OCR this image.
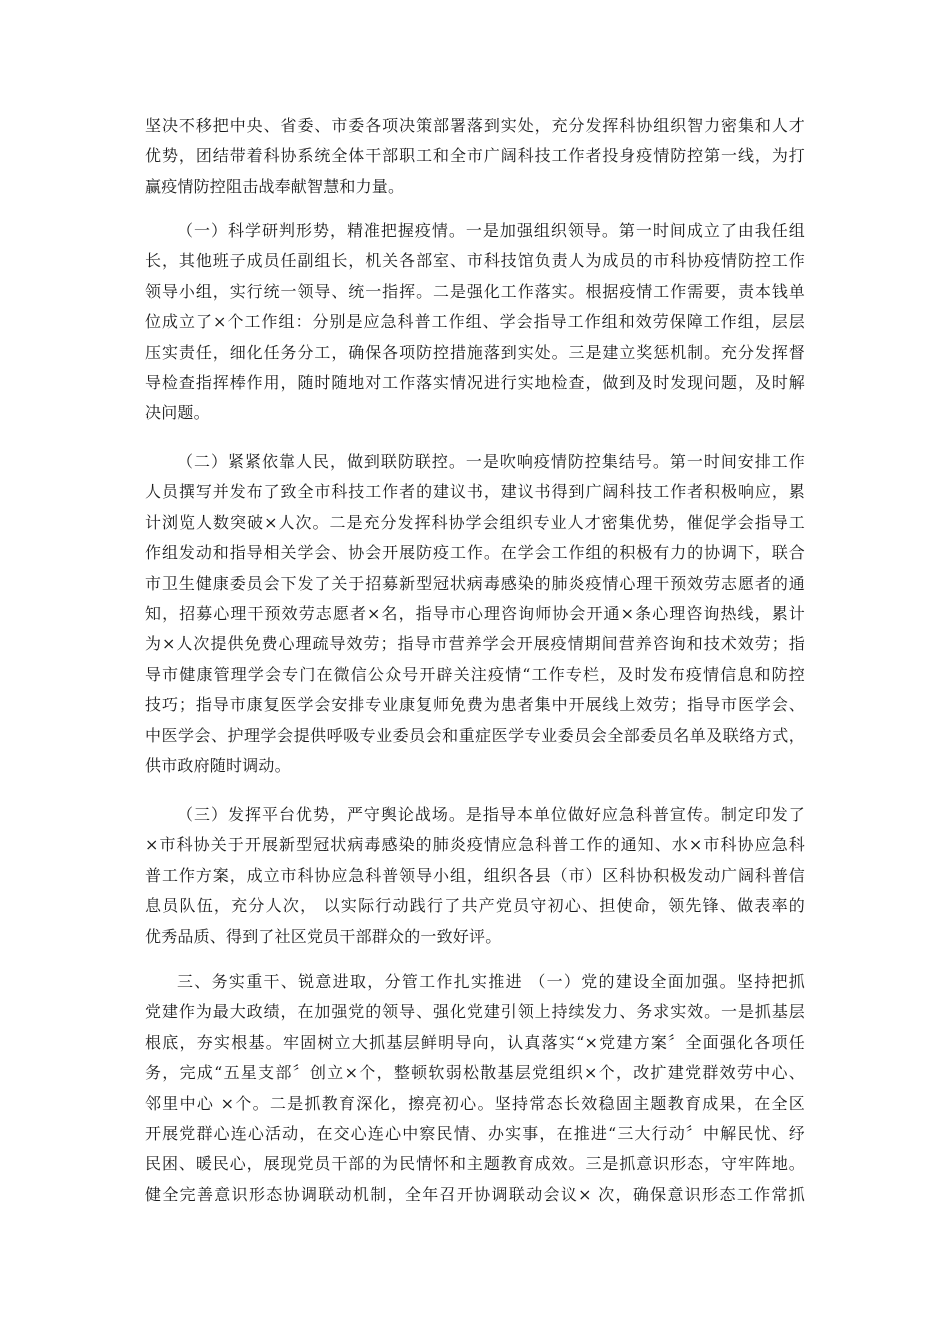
坚决不移把中央、省委、市委各项决策部署落到实处，充分发挥科协组织智力密集和人才
优势，团结带着科协系统全体干部职工和全市广阔科技工作者投身疫情防控第一线，为打
赢疫情防控阻击战奉献智慧和力量。
（一）科学研判形势，精准把握疫情。一是加强组织领导。第一时间成立了由我任组
长，其他班子成员任副组长，机关各部室、市科技馆负责人为成员的市科协疫情防控工作
领导小组，实行统一领导、统一指挥。二是强化工作落实。根据疫情工作需要，责本钱单
位成立了×个工作组：分别是应急科普工作组、学会指导工作组和效劳保障工作组，层层
压实责任，细化任务分工，确保各项防控措施落到实处。三是建立奖惩机制。充分发挥督
导检查指挥棒作用，随时随地对工作落实情况进行实地检查，做到及时发现问题，及时解
决问题。
（二）紧紧依靠人民，做到联防联控。一是吹响疫情防控集结号。第一时间安排工作
人员撰写并发布了致全市科技工作者的建议书，建议书得到广阔科技工作者积极响应，累
计浏览人数突破×人次。二是充分发挥科协学会组织专业人才密集优势，催促学会指导工
作组发动和指导相关学会、协会开展防疫工作。在学会工作组的积极有力的协调下，联合
市卫生健康委员会下发了关于招募新型冠状病毒感染的肺炎疫情心理干预效劳志愿者的通
知，招募心理干预效劳志愿者×名，指导市心理咨询师协会开通×条心理咨询热线，累计
为×人次提供免费心理疏导效劳；指导市营养学会开展疫情期间营养咨询和技术效劳；指
导市健康管理学会专门在微信公众号开辟关注疫情“工作专栏，及时发布疫情信息和防控
技巧；指导市康复医学会安排专业康复师免费为患者集中开展线上效劳；指导市医学会、
中医学会、护理学会提供呼吸专业委员会和重症医学专业委员会全部委员名单及联络方式，
供市政府随时调动。
（三）发挥平台优势，严守舆论战场。是指导本单位做好应急科普宣传。制定印发了
×市科协关于开展新型冠状病毒感染的肺炎疫情应急科普工作的通知、水×市科协应急科
普工作方案，成立市科协应急科普领导小组，组织各县（市）区科协积极发动广阔科普信
息员队伍，充分人次， 以实际行动践行了共产党员守初心、担使命，领先锋、做表率的
优秀品质、得到了社区党员干部群众的一致好评。
三、务实重干、锐意进取，分管工作扎实推进 （一）党的建设全面加强。坚持把抓
党建作为最大政绩，在加强党的领导、强化党建引领上持续发力、务求实效。一是抓基层
根底，夯实根基。牢固树立大抓基层鲜明导向，认真落实“×党建方案〞全面强化各项任
务，完成“五星支部〞创立×个，整顿软弱松散基层党组织×个，改扩建党群效劳中心、
邻里中心 ×个。二是抓教育深化，擦亮初心。坚持常态长效稳固主题教育成果，在全区
开展党群心连心活动，在交心连心中察民情、办实事，在推进“三大行动〞中解民忧、纾
民困、暖民心，展现党员干部的为民情怀和主题教育成效。三是抓意识形态，守牢阵地。
健全完善意识形态协调联动机制，全年召开协调联动会议× 次，确保意识形态工作常抓
